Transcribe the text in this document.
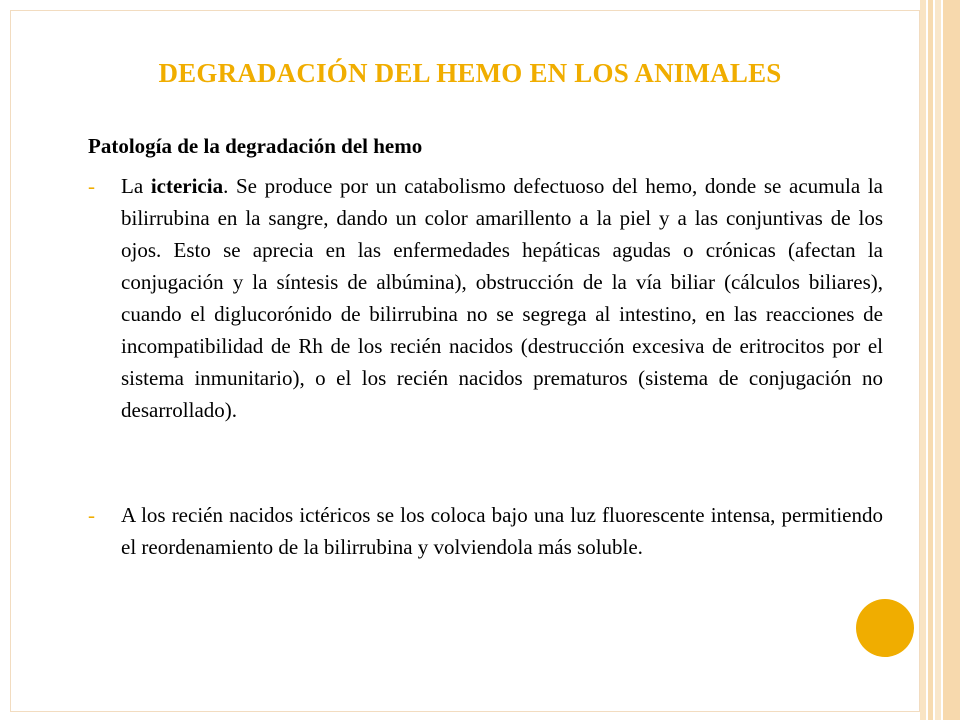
DEGRADACIÓN DEL HEMO EN LOS ANIMALES
Patología de la degradación del hemo
-	La ictericia. Se produce por un catabolismo defectuoso del hemo, donde se acumula la bilirrubina en la sangre, dando un color amarillento a la piel y a las conjuntivas de los ojos. Esto se aprecia en las enfermedades hepáticas agudas o crónicas (afectan la conjugación y la síntesis de albúmina), obstrucción de la vía biliar (cálculos biliares), cuando el diglucorónido de bilirrubina no se segrega al intestino, en las reacciones de incompatibilidad de Rh de los recién nacidos (destrucción excesiva de eritrocitos por el sistema inmunitario), o el los recién nacidos prematuros (sistema de conjugación no desarrollado).
-	A los recién nacidos ictéricos se los coloca bajo una luz fluorescente intensa, permitiendo el reordenamiento de la bilirrubina y volviendola más soluble.
